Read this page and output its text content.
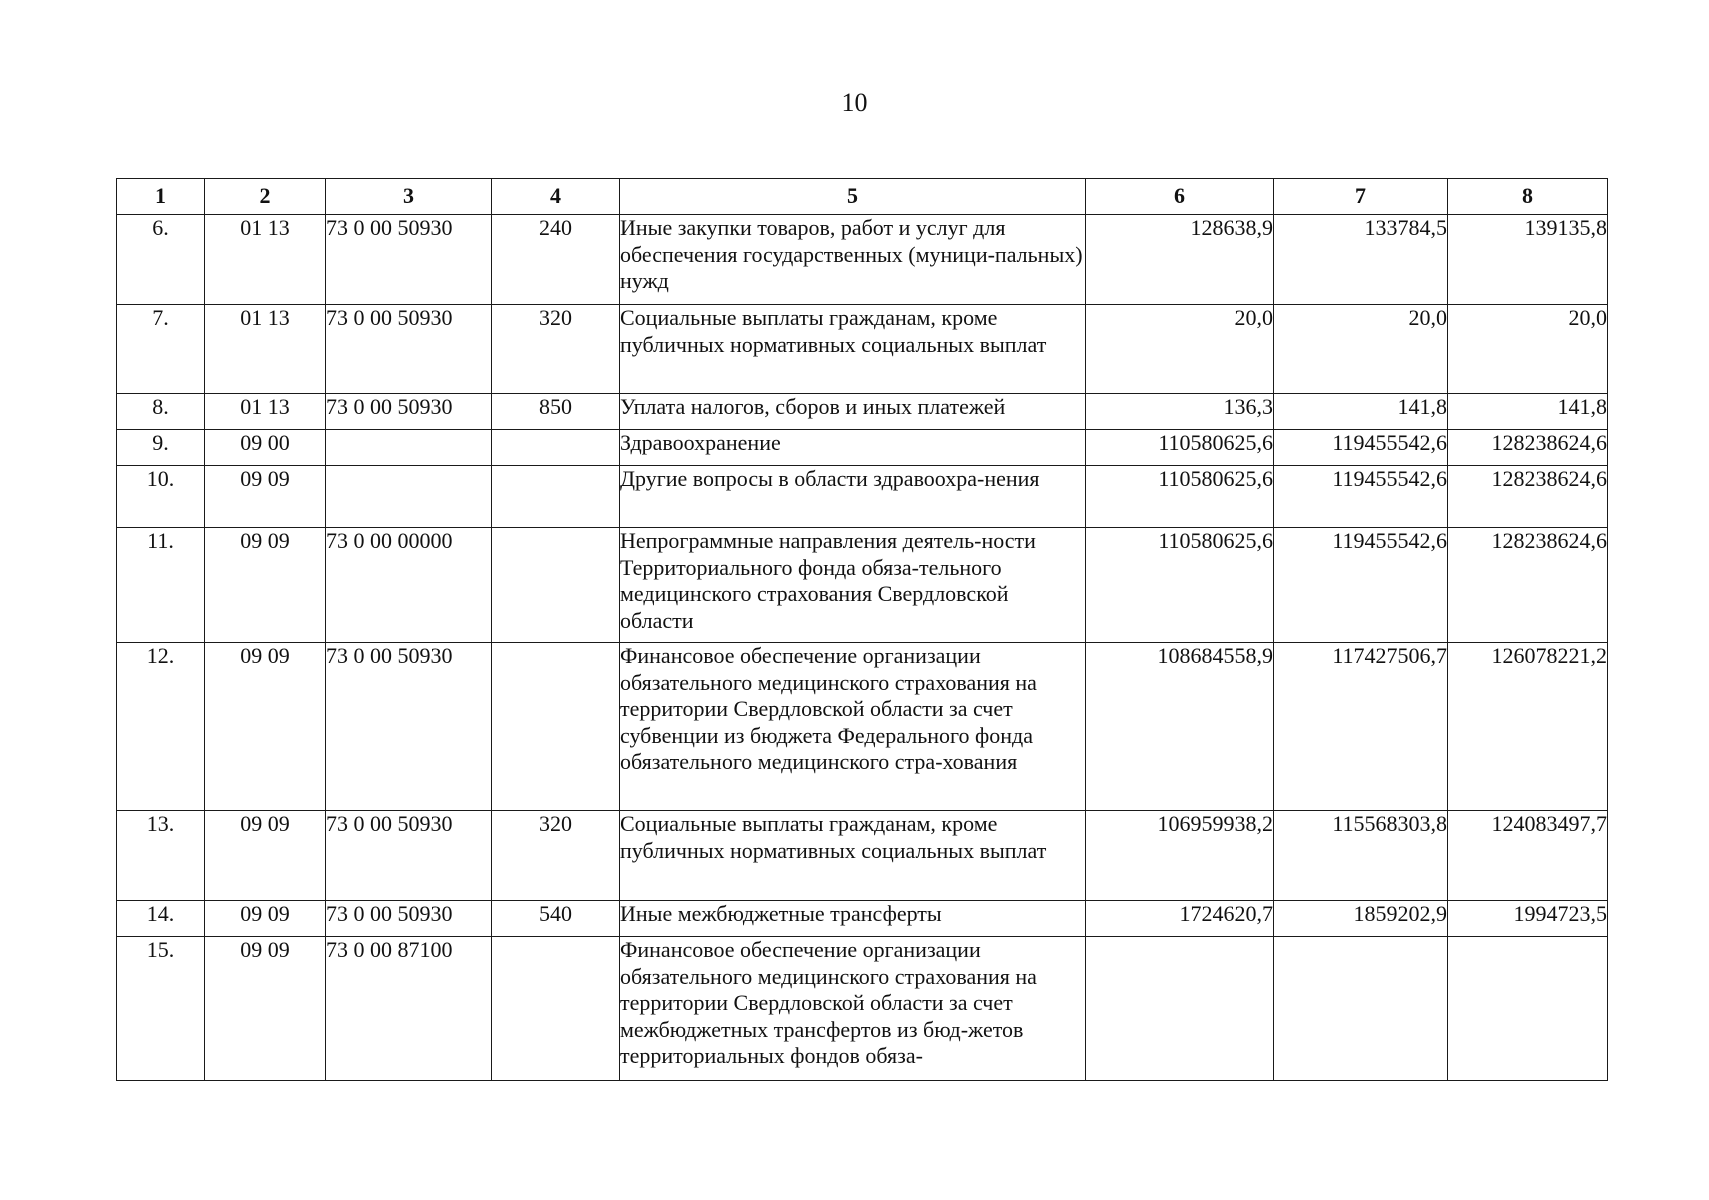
10
1	2	3	4	5	6	7	8
6.	01 13	73 0 00 50930	240	Иные закупки товаров, работ и услуг для обеспечения государственных (муници-пальных) нужд	128638,9	133784,5	139135,8
7.	01 13	73 0 00 50930	320	Социальные выплаты гражданам, кроме публичных нормативных социальных выплат	20,0	20,0	20,0
8.	01 13	73 0 00 50930	850	Уплата налогов, сборов и иных платежей	136,3	141,8	141,8
9.	09 00			Здравоохранение	110580625,6	119455542,6	128238624,6
10.	09 09			Другие вопросы в области здравоохра-нения	110580625,6	119455542,6	128238624,6
11.	09 09	73 0 00 00000		Непрограммные направления деятель-ности Территориального фонда обяза-тельного медицинского страхования Свердловской области	110580625,6	119455542,6	128238624,6
12.	09 09	73 0 00 50930		Финансовое обеспечение организации обязательного медицинского страхования на территории Свердловской области за счет субвенции из бюджета Федерального фонда обязательного медицинского стра-хования	108684558,9	117427506,7	126078221,2
13.	09 09	73 0 00 50930	320	Социальные выплаты гражданам, кроме публичных нормативных социальных выплат	106959938,2	115568303,8	124083497,7
14.	09 09	73 0 00 50930	540	Иные межбюджетные трансферты	1724620,7	1859202,9	1994723,5
15.	09 09	73 0 00 87100		Финансовое обеспечение организации обязательного медицинского страхования на территории Свердловской области за счет межбюджетных трансфертов из бюд-жетов территориальных фондов обяза-			
